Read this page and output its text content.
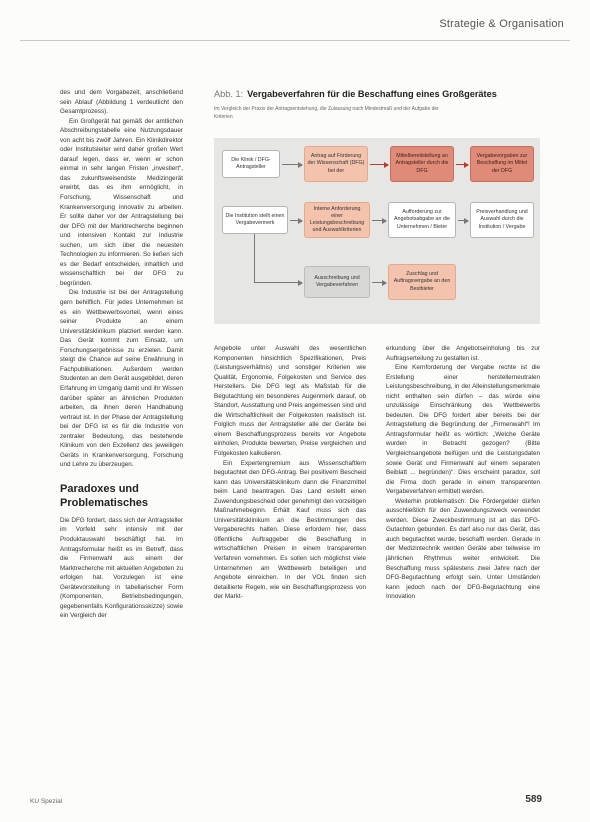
Strategie & Organisation

des und dem Vorgabezeit, anschließend sein Ablauf (Abbildung 1 verdeutlicht den Gesamtprozess).

Ein Großgerät hat gemäß der amtlichen Abschreibungstabelle eine Nutzungsdauer von acht bis zwölf Jahren. Ein Klinikdirektor oder Institutsleiter wird daher großen Wert darauf legen, dass er, wenn er schon einmal in sehr langen Fristen „investiert“, das zukunftsweisendste Medizingerät erwirbt, das es ihm ermöglicht, in Forschung, Wissenschaft und Krankenversorgung innovativ zu arbeiten. Er sollte daher vor der Antragstellung bei der DFG mit der Marktrecherche beginnen und intensiven Kontakt zur Industrie suchen, um sich über die neuesten Technologien zu informieren. So ließen sich es der Bedarf entscheiden, inhaltlich und wissenschaftlich bei der DFG zu begründen.

Die Industrie ist bei der Antragstellung gern behilflich. Für jedes Unternehmen ist es ein Wettbewerbsvorteil, wenn eines seiner Produkte an einem Universitätsklinikum platziert werden kann. Das Gerät kommt zum Einsatz, um Forschungsergebnisse zu erzielen. Damit steigt die Chance auf seine Erwähnung in Fachpublikationen. Außerdem werden Studenten an dem Gerät ausgebildet, deren Erfahrung im Umgang damit und ihr Wissen darüber später an ähnlichen Produkten arbeiten, da ihnen deren Handhabung vertraut ist. In der Phase der Antragstellung bei der DFG ist es für die Industrie von zentraler Bedeutung, das bestehende Klinikum von den Exzellenz des jeweiligen Geräts in Krankenversorgung, Forschung und Lehre zu überzeugen.

Paradoxes und Problematisches

Die DFG fordert, dass sich der Antragsteller im Vorfeld sehr intensiv mit der Produktauswahl beschäftigt hat. Im Antragsformular heißt es im Betreff, dass die Firmenwahl aus einem der Marktrecherche mit aktuellen Angeboten zu erfolgen hat. Vorzulegen ist eine Gerätevorstellung in tabellarischer Form (Komponenten, Betriebsbedingungen, gegebenenfalls Konfigurationsskizze) sowie ein Vergleich der

Abb. 1: Vergabeverfahren für die Beschaffung eines Großgerätes

Im Vergleich der Praxis der Antragsentstehung, die Zulassung nach Mindestmaß und der Aufgabe der Kriterien
Die Klinik / DFG-Antragsteller
Antrag auf Förderung der Wissenschaft (DFG) bei der
Mittelbereitstellung an Antragsteller durch die DFG
Vergabevorgaben zur Beschaffung im Mittel der DFG
Die Institution stellt einen Vergabevermerk
Interne Anforderung einer Leistungsbeschreibung und Auswahlkriterien
Aufforderung zur Angebotsabgabe an die Unternehmen / Bieter
Preisverhandlung und Auswahl durch die Institution / Vergabe
Ausschreibung und Vergabeverfahren
Zuschlag und Auftragsvergabe an den Bestbieter

Angebote unter Auswahl des wesentlichen Komponenten hinsichtlich Spezifikationen, Preis (Leistungsverhältnis) und sonstiger Kriterien wie Qualität, Ergonomie, Folgekosten und Service des Herstellers. Die DFG legt als Maßstab für die Begutachtung ein besonderes Augenmerk darauf, ob Standort, Ausstattung und Preis angemessen sind und die Wirtschaftlichkeit der Folgekosten realistisch ist. Folglich muss der Antragsteller alle der Geräte bei einem Beschaffungsprozess bereits vor Angebote einholen, Produkte bewerten, Preise vergleichen und Folgekosten kalkulieren.

Ein Expertengremium aus Wissenschaftlern begutachtet den DFG-Antrag. Bei positivem Bescheid kann das Universitätsklinikum dann die Finanzmittel beim Land beantragen. Das Land erstellt einen Zuwendungsbescheid oder genehmigt den vorzeitigen Maßnahmebeginn. Erhält Kauf muss sich das Universitätsklinikum an die Bestimmungen des Vergaberechts halten. Diese erfordern hier, dass öffentliche Auftraggeber die Beschaffung in wirtschaftlichen Preisen in einem transparenten Verfahren vornehmen. Es sollen sich möglichst viele Unternehmen am Wettbewerb beteiligen und Angebote einreichen. In der VOL finden sich detaillierte Regeln, wie ein Beschaffungsprozess von der Markt-

erkundung über die Angebotseinholung bis zur Auftragserteilung zu gestalten ist.

Eine Kernforderung der Vergabe rechte ist die Erstellung einer herstellerneutralen Leistungsbeschreibung, in der Alleinstellungsmerkmale nicht enthalten sein dürfen – das würde eine unzulässige Einschränkung des Wettbewerbs bedeuten. Die DFG fordert aber bereits bei der Antragstellung die Begründung der „Firmenwahl“! Im Antragsformular heißt es wörtlich: „Welche Geräte wurden in Betracht gezogen? (Bitte Vergleichsangebote beifügen und die Leistungsdaten sowie Gerät und Firmenwahl auf einem separaten Beiblatt ... begründen)“. Dies erscheint paradox, soll die Firma doch gerade in einem transparenten Vergabeverfahren ermittelt werden.

Weiterhin problematisch: Die Fördergelder dürfen ausschließlich für den Zuwendungszweck verwendet werden. Diese Zweckbestimmung ist an das DFG-Gutachten gebunden. Es darf also nur das Gerät, das auch begutachtet wurde, beschafft werden. Gerade in der Medizintechnik werden Geräte aber teilweise im jährlichen Rhythmus weiter entwickelt. Die Beschaffung muss spätestens zwei Jahre nach der DFG-Begutachtung erfolgt sein. Unter Umständen kann jedoch nach der DFG-Begutachtung eine Innovation

KU Spezial	589
